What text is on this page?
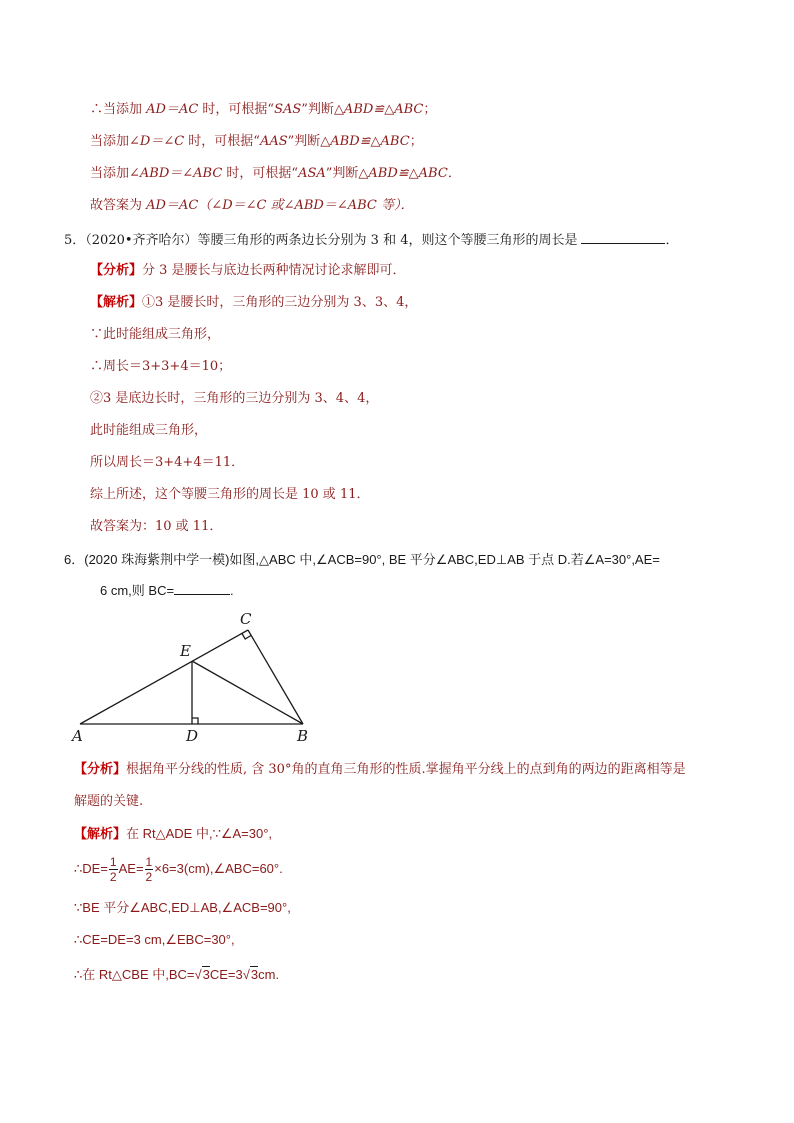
∴当添加 AD＝AC 时，可根据“SAS”判断△ABD≌△ABC；
当添加∠D＝∠C 时，可根据“AAS”判断△ABD≌△ABC；
当添加∠ABD＝∠ABC 时，可根据“ASA”判断△ABD≌△ABC．
故答案为 AD＝AC（∠D＝∠C 或∠ABD＝∠ABC 等）．
5．（2020•齐齐哈尔）等腰三角形的两条边长分别为 3 和 4，则这个等腰三角形的周长是	．
【分析】分 3 是腰长与底边长两种情况讨论求解即可．
【解析】①3 是腰长时，三角形的三边分别为 3、3、4，
∵此时能组成三角形，
∴周长＝3+3+4＝10；
②3 是底边长时，三角形的三边分别为 3、4、4，
此时能组成三角形，
所以周长＝3+4+4＝11．
综上所述，这个等腰三角形的周长是 10 或 11．
故答案为：10 或 11．
6．(2020 珠海紫荆中学一模)如图,△ABC 中,∠ACB=90°, BE 平分∠ABC,ED⊥AB 于点 D.若∠A=30°,AE=
6 cm,则 BC=	.
A	D	B
E
C
【分析】根据角平分线的性质, 含 30°角的直角三角形的性质.掌握角平分线上的点到角的两边的距离相等是
解题的关键.
【解析】在 Rt△ADE 中,∵∠A=30°,
∴DE= $\frac{1}{2} AE= \frac{1}{2}$ ×6=3(cm),∠ABC=60°.
∵BE 平分∠ABC,ED⊥AB,∠ACB=90°,
∴CE=DE=3 cm,∠EBC=30°,
∴在 Rt△CBE 中,BC=√3CE=3√3cm.
